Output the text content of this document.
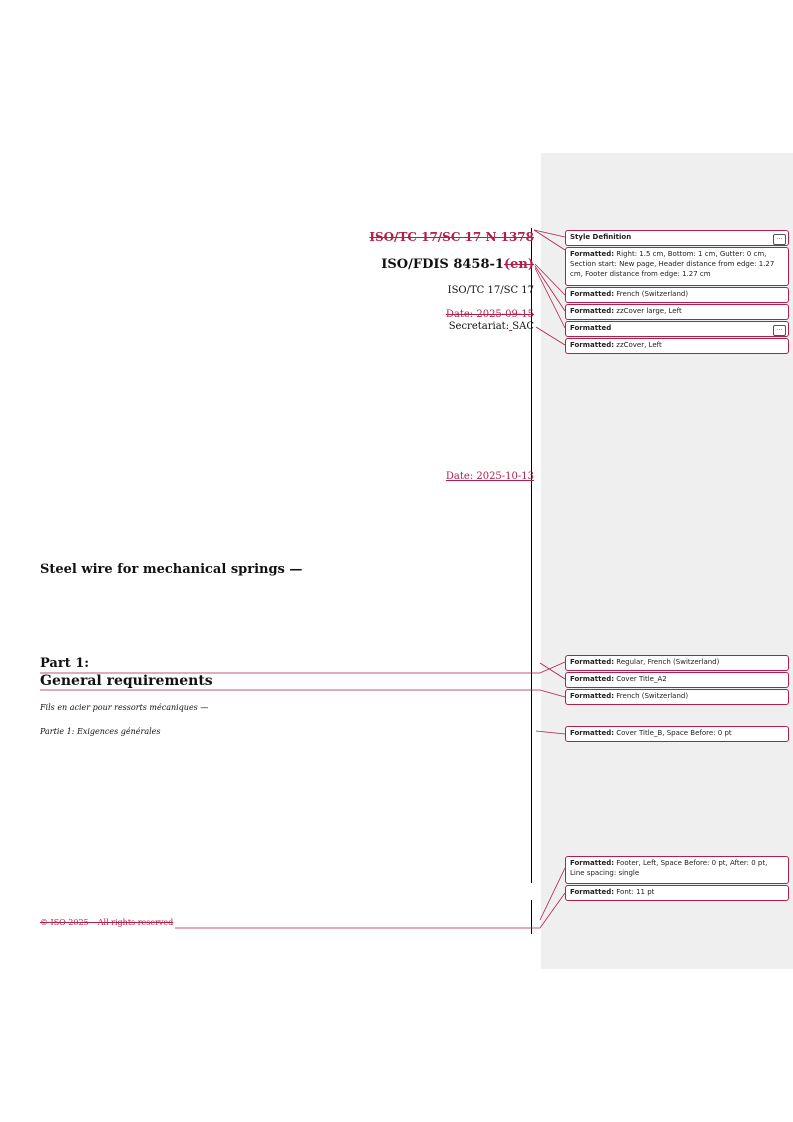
ISO/TC 17/SC 17 N 1378
ISO/FDIS 8458-1(en)
ISO/TC 17/SC 17
Date: 2025-09-15
Secretariat: SAC
Date: 2025-10-13
Steel wire for mechanical springs —
Part 1:
General requirements
Fils en acier pour ressorts mécaniques —
Partie 1: Exigences générales
© ISO 2025 – All rights reserved
Style Definition	...
Formatted: Right: 1.5 cm, Bottom: 1 cm, Gutter: 0 cm, Section start: New page, Header distance from edge: 1.27 cm, Footer distance from edge: 1.27 cm
Formatted: French (Switzerland)
Formatted: zzCover large, Left
Formatted	...
Formatted: zzCover, Left
Formatted: Regular, French (Switzerland)
Formatted: Cover Title_A2
Formatted: French (Switzerland)
Formatted: Cover Title_B, Space Before: 0 pt
Formatted: Footer, Left, Space Before: 0 pt, After: 0 pt, Line spacing: single
Formatted: Font: 11 pt
